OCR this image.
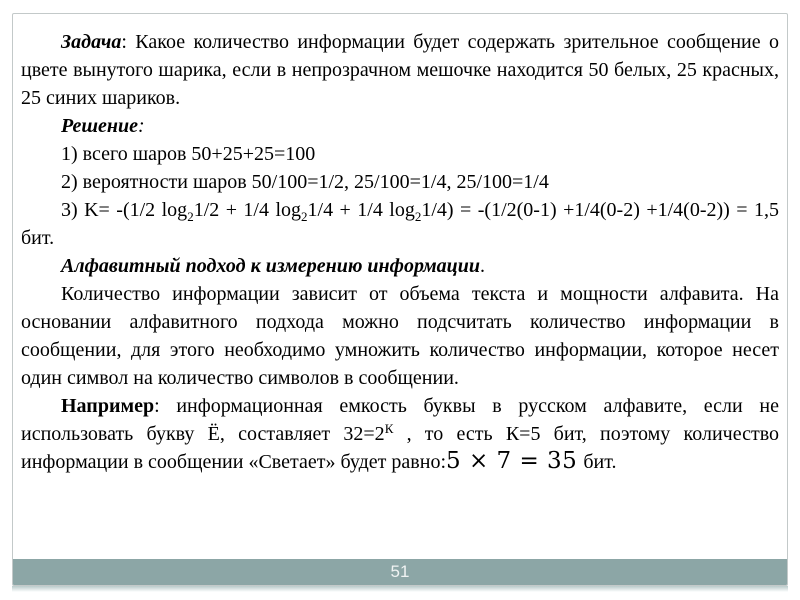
Задача: Какое количество информации будет содержать зрительное сообщение о цвете вынутого шарика, если в непрозрачном мешочке находится 50 белых, 25 красных, 25 синих шариков.

Решение:

1) всего шаров 50+25+25=100

2) вероятности шаров 50/100=1/2, 25/100=1/4, 25/100=1/4

3) K= -(1/2 $\log_21/2 + 1/4$ $\log_21/4 + 1/4$ $\log_21/4) = -(1/2(0-1) +1/4(0-2) +1/4(0-2)) = 1,5$ бит.

Алфавитный подход к измерению информации.

Количество информации зависит от объема текста и мощности алфавита. На основании алфавитного подхода можно подсчитать количество информации в сообщении, для этого необходимо умножить количество информации, которое несет один символ на количество символов в сообщении.

Например: информационная емкость буквы в русском алфавите, если не использовать букву Ё, составляет $32=2^К$ , то есть К=5 бит, поэтому количество информации в сообщении «Светает» будет равно:5 × 7 = 35 бит.

51
